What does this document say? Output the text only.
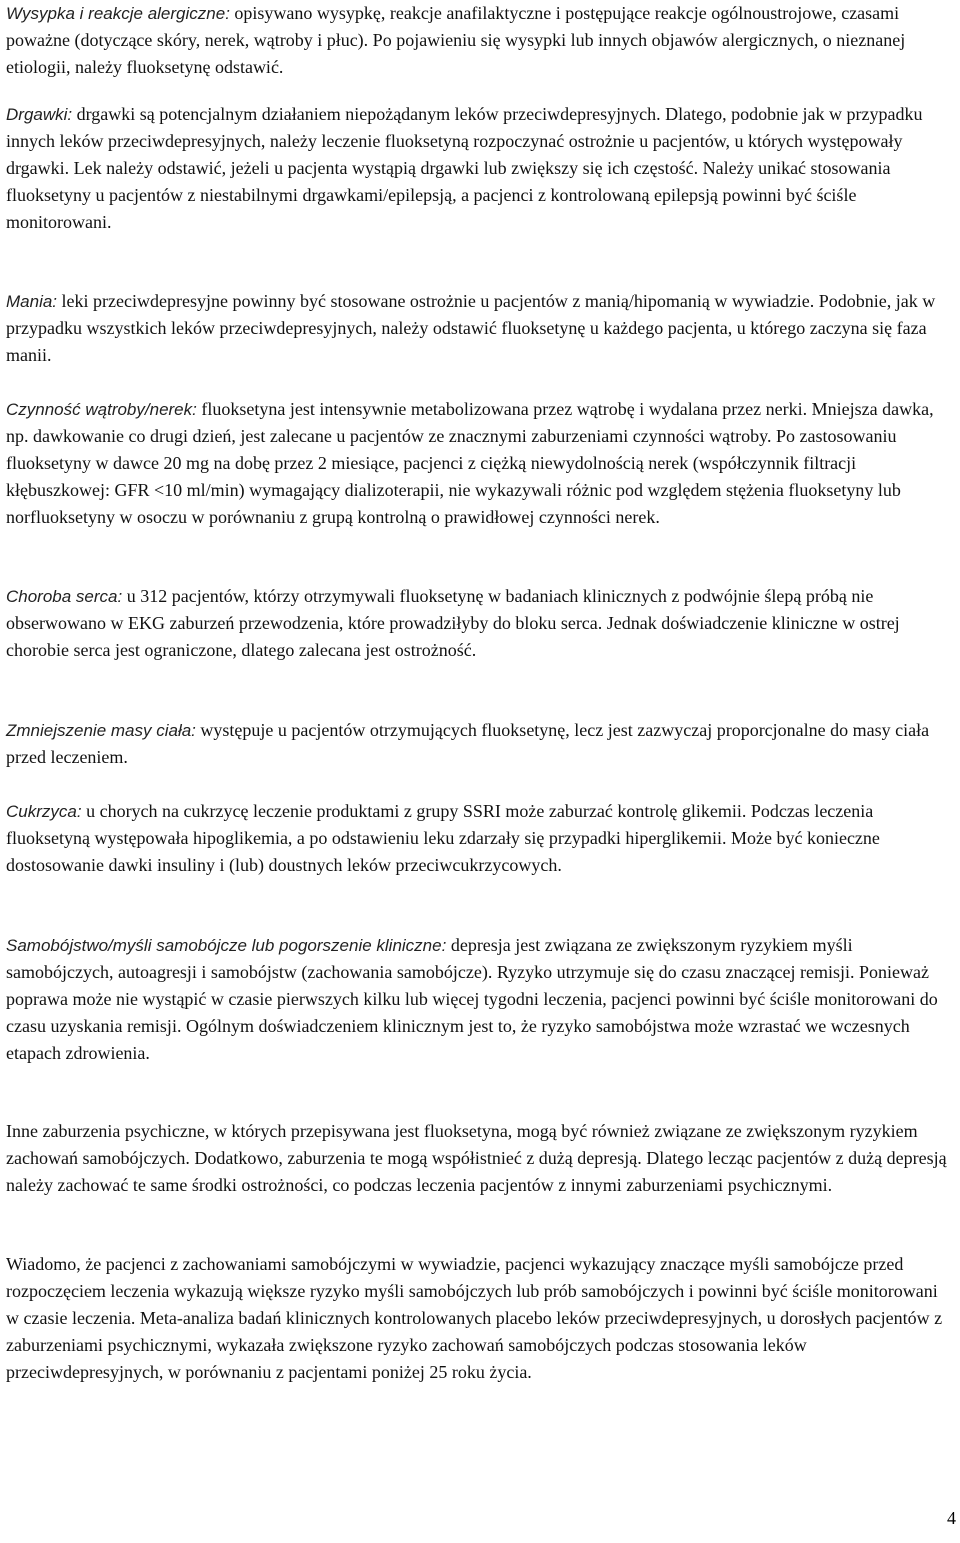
Wysypka i reakcje alergiczne: opisywano wysypkę, reakcje anafilaktyczne i postępujące reakcje ogólnoustrojowe, czasami poważne (dotyczące skóry, nerek, wątroby i płuc). Po pojawieniu się wysypki lub innych objawów alergicznych, o nieznanej etiologii, należy fluoksetynę odstawić.

Drgawki: drgawki są potencjalnym działaniem niepożądanym leków przeciwdepresyjnych. Dlatego, podobnie jak w przypadku innych leków przeciwdepresyjnych, należy leczenie fluoksetyną rozpoczynać ostrożnie u pacjentów, u których występowały drgawki. Lek należy odstawić, jeżeli u pacjenta wystąpią drgawki lub zwiększy się ich częstość. Należy unikać stosowania fluoksetyny u pacjentów z niestabilnymi drgawkami/epilepsją, a pacjenci z kontrolowaną epilepsją powinni być ściśle monitorowani.

Mania: leki przeciwdepresyjne powinny być stosowane ostrożnie u pacjentów z manią/hipomanią w wywiadzie. Podobnie, jak w przypadku wszystkich leków przeciwdepresyjnych, należy odstawić fluoksetynę u każdego pacjenta, u którego zaczyna się faza manii.

Czynność wątroby/nerek: fluoksetyna jest intensywnie metabolizowana przez wątrobę i wydalana przez nerki. Mniejsza dawka, np. dawkowanie co drugi dzień, jest zalecane u pacjentów ze znacznymi zaburzeniami czynności wątroby. Po zastosowaniu fluoksetyny w dawce 20 mg na dobę przez 2 miesiące, pacjenci z ciężką niewydolnością nerek (współczynnik filtracji kłębuszkowej: GFR <10 ml/min) wymagający dializoterapii, nie wykazywali różnic pod względem stężenia fluoksetyny lub norfluoksetyny w osoczu w porównaniu z grupą kontrolną o prawidłowej czynności nerek.

Choroba serca: u 312 pacjentów, którzy otrzymywali fluoksetynę w badaniach klinicznych z podwójnie ślepą próbą nie obserwowano w EKG zaburzeń przewodzenia, które prowadziłyby do bloku serca. Jednak doświadczenie kliniczne w ostrej chorobie serca jest ograniczone, dlatego zalecana jest ostrożność.

Zmniejszenie masy ciała: występuje u pacjentów otrzymujących fluoksetynę, lecz jest zazwyczaj proporcjonalne do masy ciała przed leczeniem.

Cukrzyca: u chorych na cukrzycę leczenie produktami z grupy SSRI może zaburzać kontrolę glikemii. Podczas leczenia fluoksetyną występowała hipoglikemia, a po odstawieniu leku zdarzały się przypadki hiperglikemii. Może być konieczne dostosowanie dawki insuliny i (lub) doustnych leków przeciwcukrzycowych.

Samobójstwo/myśli samobójcze lub pogorszenie kliniczne: depresja jest związana ze zwiększonym ryzykiem myśli samobójczych, autoagresji i samobójstw (zachowania samobójcze). Ryzyko utrzymuje się do czasu znaczącej remisji. Ponieważ poprawa może nie wystąpić w czasie pierwszych kilku lub więcej tygodni leczenia, pacjenci powinni być ściśle monitorowani do czasu uzyskania remisji. Ogólnym doświadczeniem klinicznym jest to, że ryzyko samobójstwa może wzrastać we wczesnych etapach zdrowienia.

Inne zaburzenia psychiczne, w których przepisywana jest fluoksetyna, mogą być również związane ze zwiększonym ryzykiem zachowań samobójczych. Dodatkowo, zaburzenia te mogą współistnieć z dużą depresją. Dlatego lecząc pacjentów z dużą depresją należy zachować te same środki ostrożności, co podczas leczenia pacjentów z innymi zaburzeniami psychicznymi.

Wiadomo, że pacjenci z zachowaniami samobójczymi w wywiadzie, pacjenci wykazujący znaczące myśli samobójcze przed rozpoczęciem leczenia wykazują większe ryzyko myśli samobójczych lub prób samobójczych i powinni być ściśle monitorowani w czasie leczenia. Meta-analiza badań klinicznych kontrolowanych placebo leków przeciwdepresyjnych, u dorosłych pacjentów z zaburzeniami psychicznymi, wykazała zwiększone ryzyko zachowań samobójczych podczas stosowania leków przeciwdepresyjnych, w porównaniu z pacjentami poniżej 25 roku życia.

4
